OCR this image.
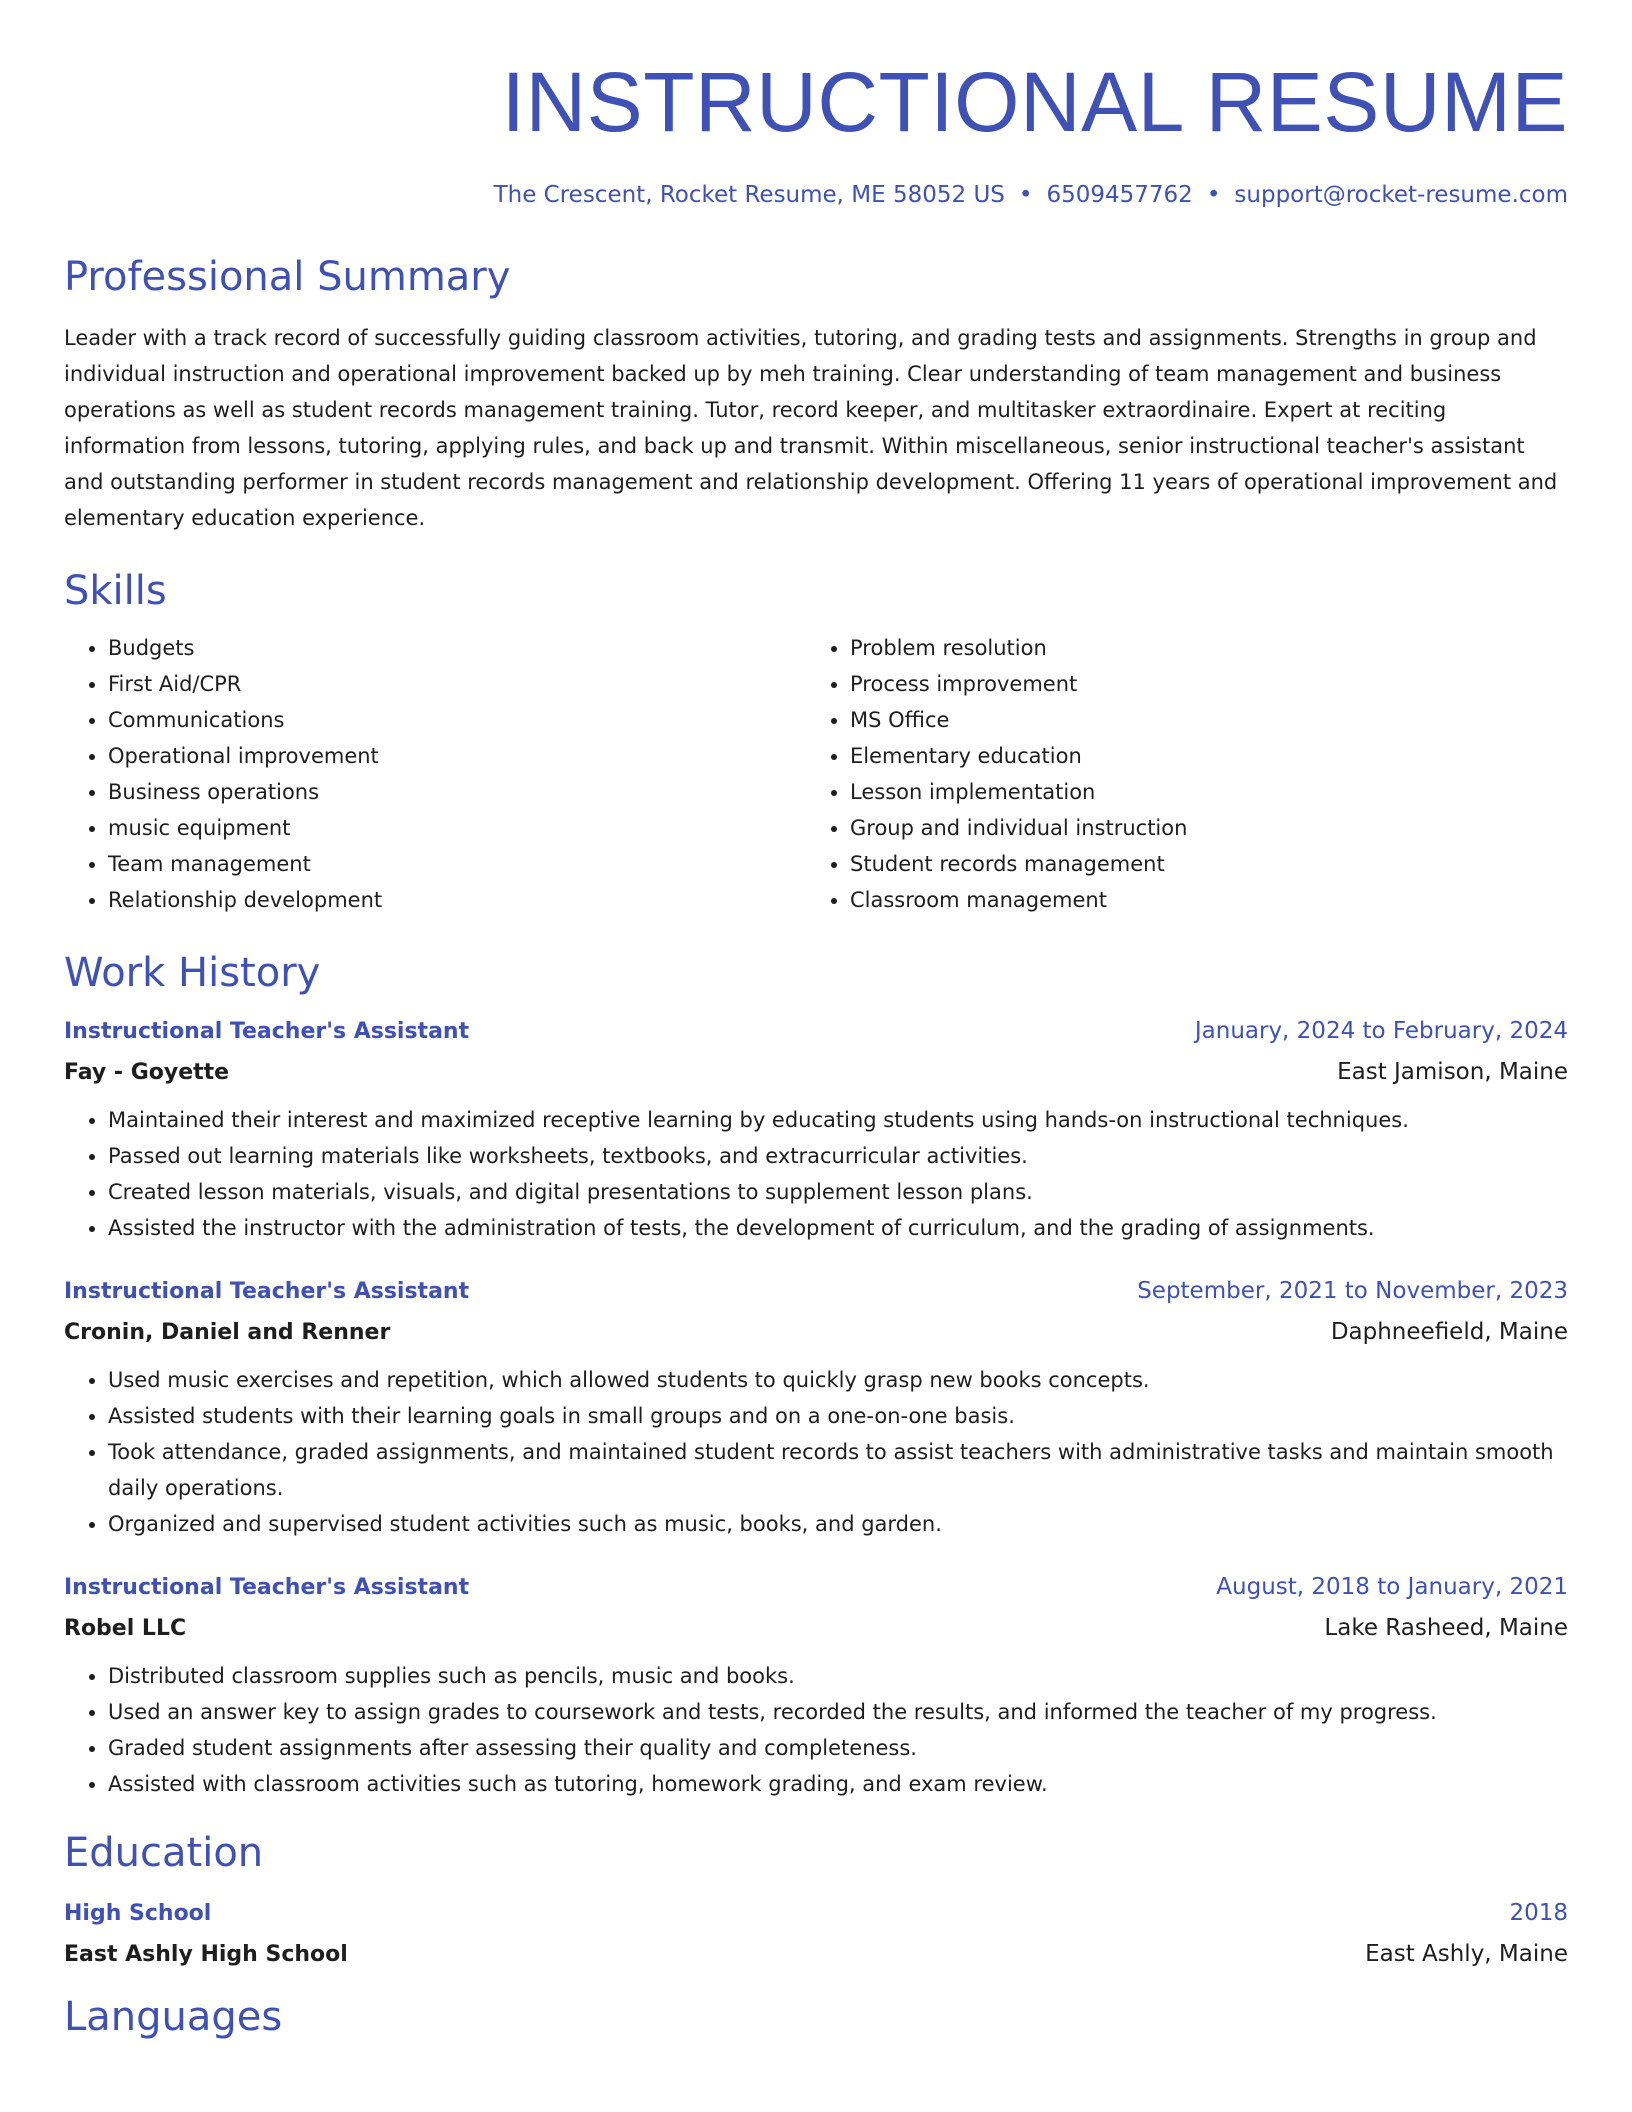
INSTRUCTIONAL RESUME
The Crescent, Rocket Resume, ME 58052 US • 6509457762 • support@rocket-resume.com
Professional Summary
Leader with a track record of successfully guiding classroom activities, tutoring, and grading tests and assignments. Strengths in group and individual instruction and operational improvement backed up by meh training. Clear understanding of team management and business operations as well as student records management training. Tutor, record keeper, and multitasker extraordinaire. Expert at reciting information from lessons, tutoring, applying rules, and back up and transmit. Within miscellaneous, senior instructional teacher's assistant and outstanding performer in student records management and relationship development. Offering 11 years of operational improvement and elementary education experience.
Skills
• Budgets
• First Aid/CPR
• Communications
• Operational improvement
• Business operations
• music equipment
• Team management
• Relationship development
• Problem resolution
• Process improvement
• MS Office
• Elementary education
• Lesson implementation
• Group and individual instruction
• Student records management
• Classroom management
Work History
Instructional Teacher's Assistant	January, 2024 to February, 2024
Fay - Goyette	East Jamison, Maine
• Maintained their interest and maximized receptive learning by educating students using hands-on instructional techniques.
• Passed out learning materials like worksheets, textbooks, and extracurricular activities.
• Created lesson materials, visuals, and digital presentations to supplement lesson plans.
• Assisted the instructor with the administration of tests, the development of curriculum, and the grading of assignments.
Instructional Teacher's Assistant	September, 2021 to November, 2023
Cronin, Daniel and Renner	Daphneefield, Maine
• Used music exercises and repetition, which allowed students to quickly grasp new books concepts.
• Assisted students with their learning goals in small groups and on a one-on-one basis.
• Took attendance, graded assignments, and maintained student records to assist teachers with administrative tasks and maintain smooth daily operations.
• Organized and supervised student activities such as music, books, and garden.
Instructional Teacher's Assistant	August, 2018 to January, 2021
Robel LLC	Lake Rasheed, Maine
• Distributed classroom supplies such as pencils, music and books.
• Used an answer key to assign grades to coursework and tests, recorded the results, and informed the teacher of my progress.
• Graded student assignments after assessing their quality and completeness.
• Assisted with classroom activities such as tutoring, homework grading, and exam review.
Education
High School	2018
East Ashly High School	East Ashly, Maine
Languages
